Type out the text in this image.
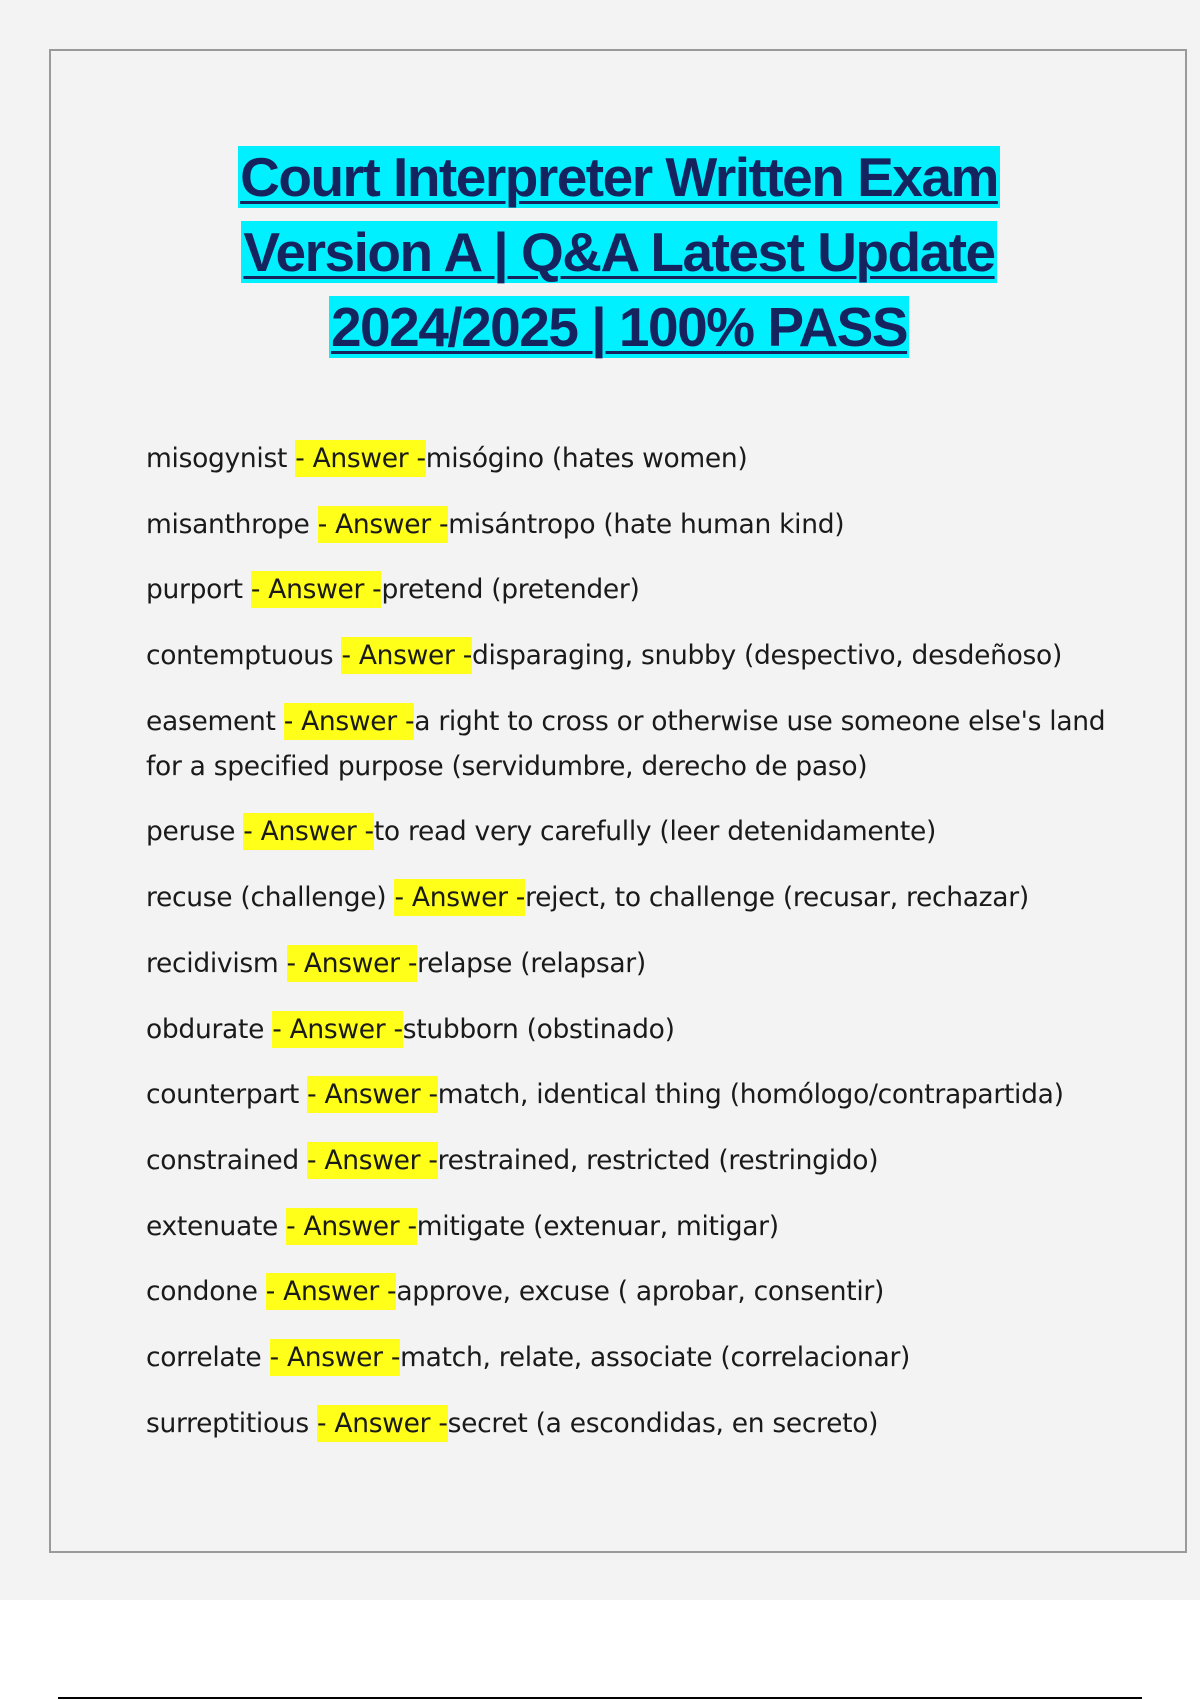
Court Interpreter Written Exam
Version A | Q&A Latest Update
2024/2025 | 100% PASS
misogynist - Answer -misógino (hates women)
misanthrope - Answer -misántropo (hate human kind)
purport - Answer -pretend (pretender)
contemptuous - Answer -disparaging, snubby (despectivo, desdeñoso)
easement - Answer -a right to cross or otherwise use someone else's land for a specified purpose (servidumbre, derecho de paso)
peruse - Answer -to read very carefully (leer detenidamente)
recuse (challenge) - Answer -reject, to challenge (recusar, rechazar)
recidivism - Answer -relapse (relapsar)
obdurate - Answer -stubborn (obstinado)
counterpart - Answer -match, identical thing (homólogo/contrapartida)
constrained - Answer -restrained, restricted (restringido)
extenuate - Answer -mitigate (extenuar, mitigar)
condone - Answer -approve, excuse ( aprobar, consentir)
correlate - Answer -match, relate, associate (correlacionar)
surreptitious - Answer -secret (a escondidas, en secreto)
